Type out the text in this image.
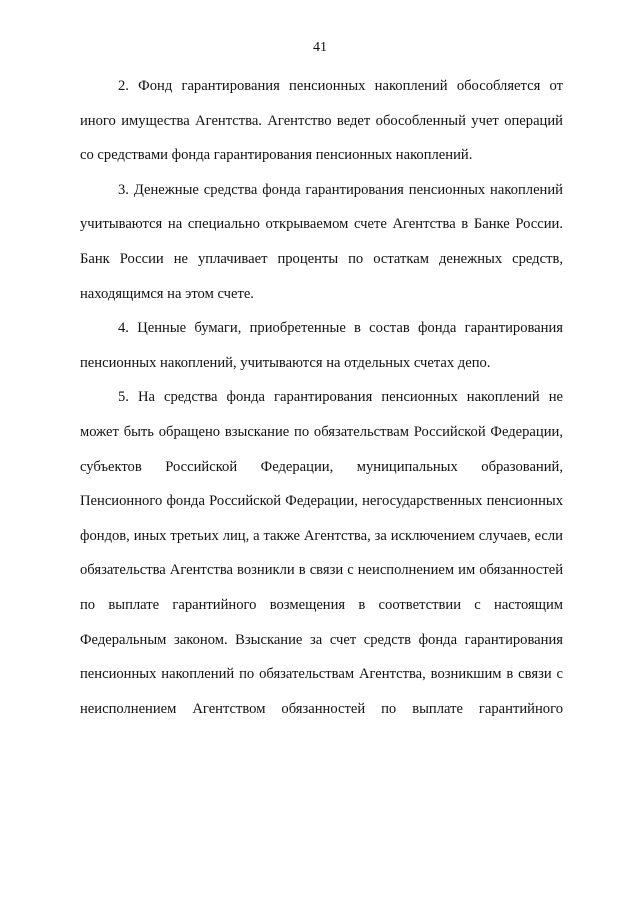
41

2. Фонд гарантирования пенсионных накоплений обособляется от иного имущества Агентства. Агентство ведет обособленный учет операций со средствами фонда гарантирования пенсионных накоплений.

3. Денежные средства фонда гарантирования пенсионных накоплений учитываются на специально открываемом счете Агентства в Банке России. Банк России не уплачивает проценты по остаткам денежных средств, находящимся на этом счете.

4. Ценные бумаги, приобретенные в состав фонда гарантирования пенсионных накоплений, учитываются на отдельных счетах депо.

5. На средства фонда гарантирования пенсионных накоплений не может быть обращено взыскание по обязательствам Российской Федерации, субъектов Российской Федерации, муниципальных образований, Пенсионного фонда Российской Федерации, негосударственных пенсионных фондов, иных третьих лиц, а также Агентства, за исключением случаев, если обязательства Агентства возникли в связи с неисполнением им обязанностей по выплате гарантийного возмещения в соответствии с настоящим Федеральным законом. Взыскание за счет средств фонда гарантирования пенсионных накоплений по обязательствам Агентства, возникшим в связи с неисполнением Агентством обязанностей по выплате гарантийного
